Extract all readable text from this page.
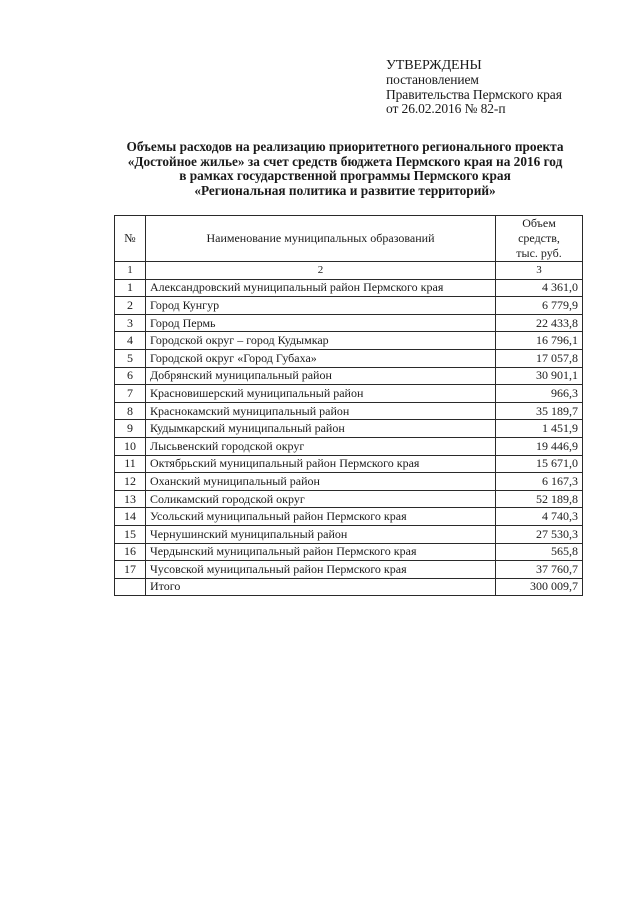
УТВЕРЖДЕНЫ
постановлением
Правительства Пермского края
от 26.02.2016 № 82-п
Объемы расходов на реализацию приоритетного регионального проекта
«Достойное жилье» за счет средств бюджета Пермского края на 2016 год
в рамках государственной программы Пермского края
«Региональная политика и развитие территорий»
№	Наименование муниципальных образований	Объем
средств,
тыс. руб.

1	2	3
1	Александровский муниципальный район Пермского края	4 361,0
2	Город Кунгур	6 779,9
3	Город Пермь	22 433,8
4	Городской округ – город Кудымкар	16 796,1
5	Городской округ «Город Губаха»	17 057,8
6	Добрянский муниципальный район	30 901,1
7	Красновишерский муниципальный район	966,3
8	Краснокамский муниципальный район	35 189,7
9	Кудымкарский муниципальный район	1 451,9
10	Лысьвенский городской округ	19 446,9
11	Октябрьский муниципальный район Пермского края	15 671,0
12	Оханский муниципальный район	6 167,3
13	Соликамский городской округ	52 189,8
14	Усольский муниципальный район Пермского края	4 740,3
15	Чернушинский муниципальный район	27 530,3
16	Чердынский муниципальный район Пермского края	565,8
17	Чусовской муниципальный район Пермского края	37 760,7
	Итого	300 009,7
